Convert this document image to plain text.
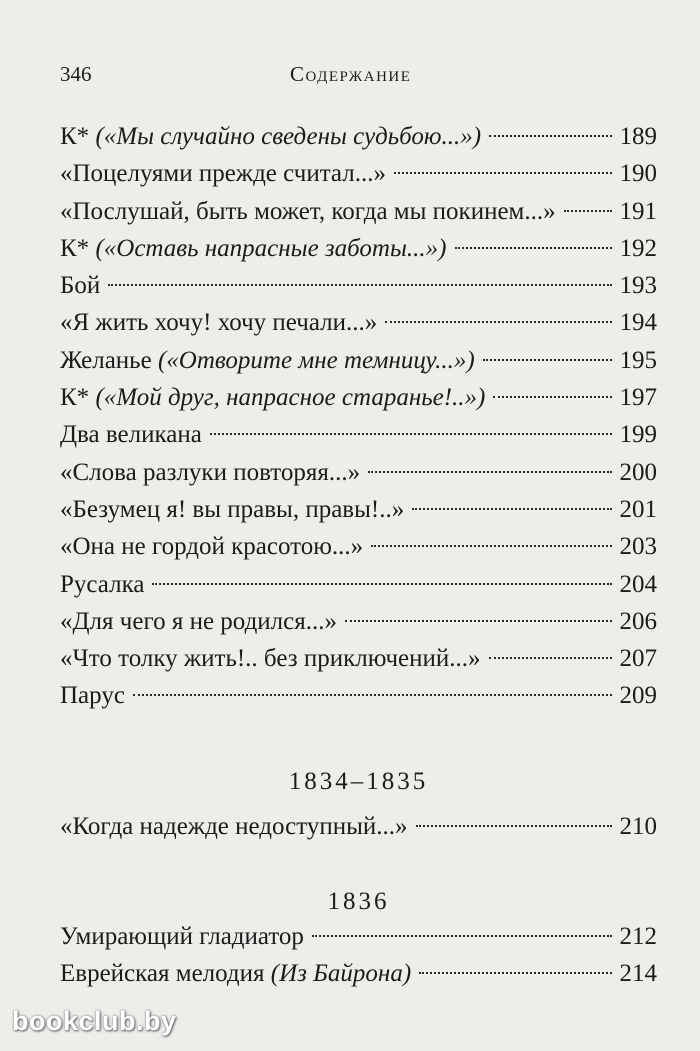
346	Содержание
К* («Мы случайно сведены судьбою...»)	189
«Поцелуями прежде считал...»	190
«Послушай, быть может, когда мы покинем...»	191
К* («Оставь напрасные заботы...»)	192
Бой	193
«Я жить хочу! хочу печали...»	194
Желанье («Отворите мне темницу...»)	195
К* («Мой друг, напрасное старанье!..»)	197
Два великана	199
«Слова разлуки повторяя...»	200
«Безумец я! вы правы, правы!..»	201
«Она не гордой красотою...»	203
Русалка	204
«Для чего я не родился...»	206
«Что толку жить!.. без приключений...»	207
Парус	209
1834–1835
«Когда надежде недоступный...»	210
1836
Умирающий гладиатор	212
Еврейская мелодия (Из Байрона)	214
bookclub.by
